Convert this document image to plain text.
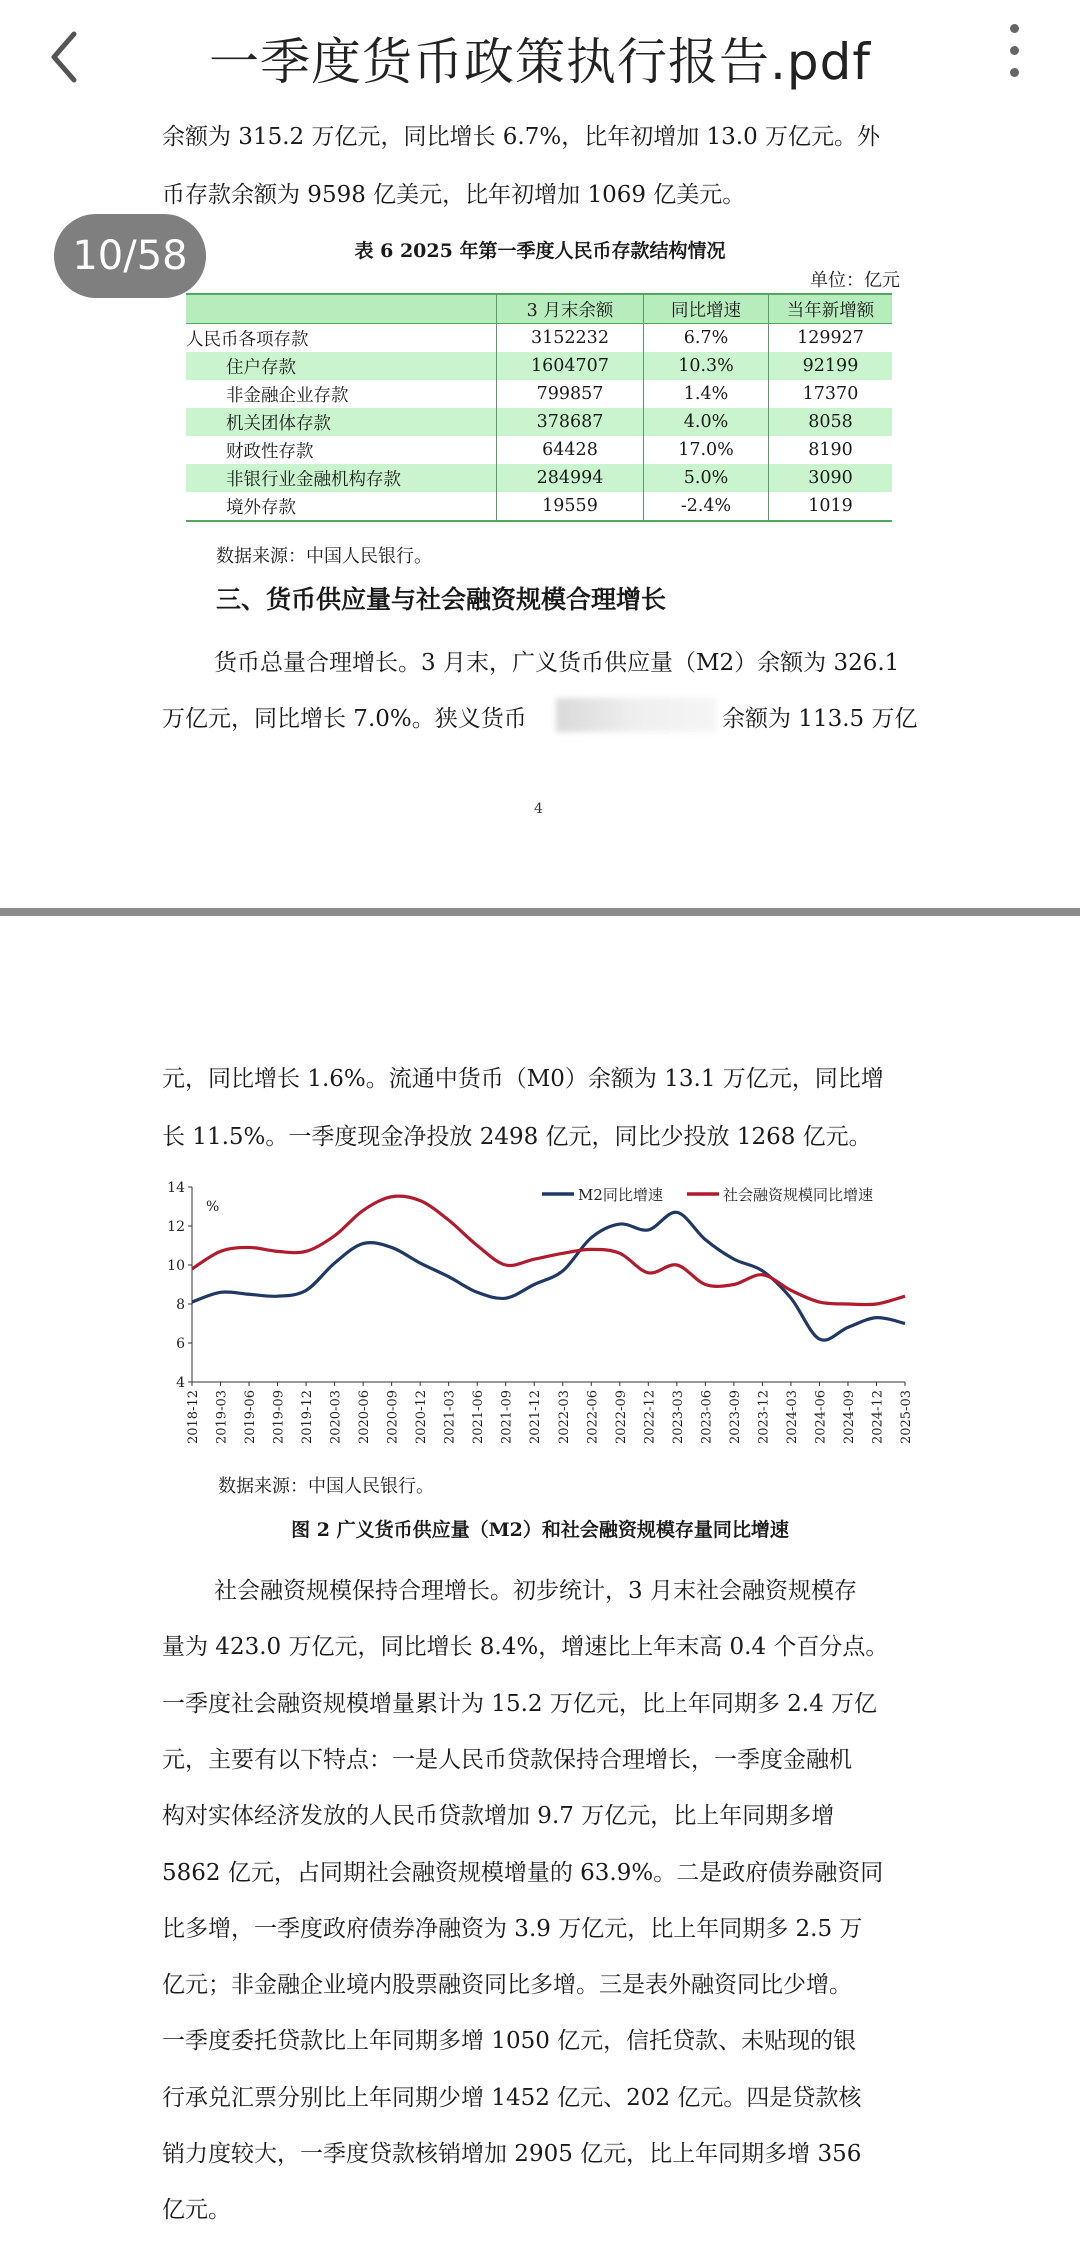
一季度货币政策执行报告.pdf
余额为 315.2 万亿元，同比增长 6.7%，比年初增加 13.0 万亿元。外
币存款余额为 9598 亿美元，比年初增加 1069 亿美元。
表 6 2025 年第一季度人民币存款结构情况
单位：亿元
	3 月末余额	同比增速	当年新增额
人民币各项存款	3152232	6.7%	129927
住户存款	1604707	10.3%	92199
非金融企业存款	799857	1.4%	17370
机关团体存款	378687	4.0%	8058
财政性存款	64428	17.0%	8190
非银行业金融机构存款	284994	5.0%	3090
境外存款	19559	-2.4%	1019
数据来源：中国人民银行。
三、货币供应量与社会融资规模合理增长
货币总量合理增长。3 月末，广义货币供应量（M2）余额为 326.1
万亿元，同比增长 7.0%。狭义货币	余额为 113.5 万亿
4
10/58
元，同比增长 1.6%。流通中货币（M0）余额为 13.1 万亿元，同比增
长 11.5%。一季度现金净投放 2498 亿元，同比少投放 1268 亿元。
2018-12 2019-03 2019-06 2019-09 2019-12 2020-03 2020-06 2020-09 2020-12 2021-03 2021-06 2021-09 2021-12 2022-03 2022-06 2022-09 2022-12 2023-03 2023-06 2023-09 2023-12 2024-03 2024-06 2024-09 2024-12 2025-03
4
6
8
10
12
14
%
M2同比增速	社会融资规模同比增速
数据来源：中国人民银行。
图 2 广义货币供应量（M2）和社会融资规模存量同比增速
社会融资规模保持合理增长。初步统计，3 月末社会融资规模存
量为 423.0 万亿元，同比增长 8.4%，增速比上年末高 0.4 个百分点。
一季度社会融资规模增量累计为 15.2 万亿元，比上年同期多 2.4 万亿
元，主要有以下特点：一是人民币贷款保持合理增长，一季度金融机
构对实体经济发放的人民币贷款增加 9.7 万亿元，比上年同期多增
5862 亿元，占同期社会融资规模增量的 63.9%。二是政府债券融资同
比多增，一季度政府债券净融资为 3.9 万亿元，比上年同期多 2.5 万
亿元；非金融企业境内股票融资同比多增。三是表外融资同比少增。
一季度委托贷款比上年同期多增 1050 亿元，信托贷款、未贴现的银
行承兑汇票分别比上年同期少增 1452 亿元、202 亿元。四是贷款核
销力度较大，一季度贷款核销增加 2905 亿元，比上年同期多增 356
亿元。
